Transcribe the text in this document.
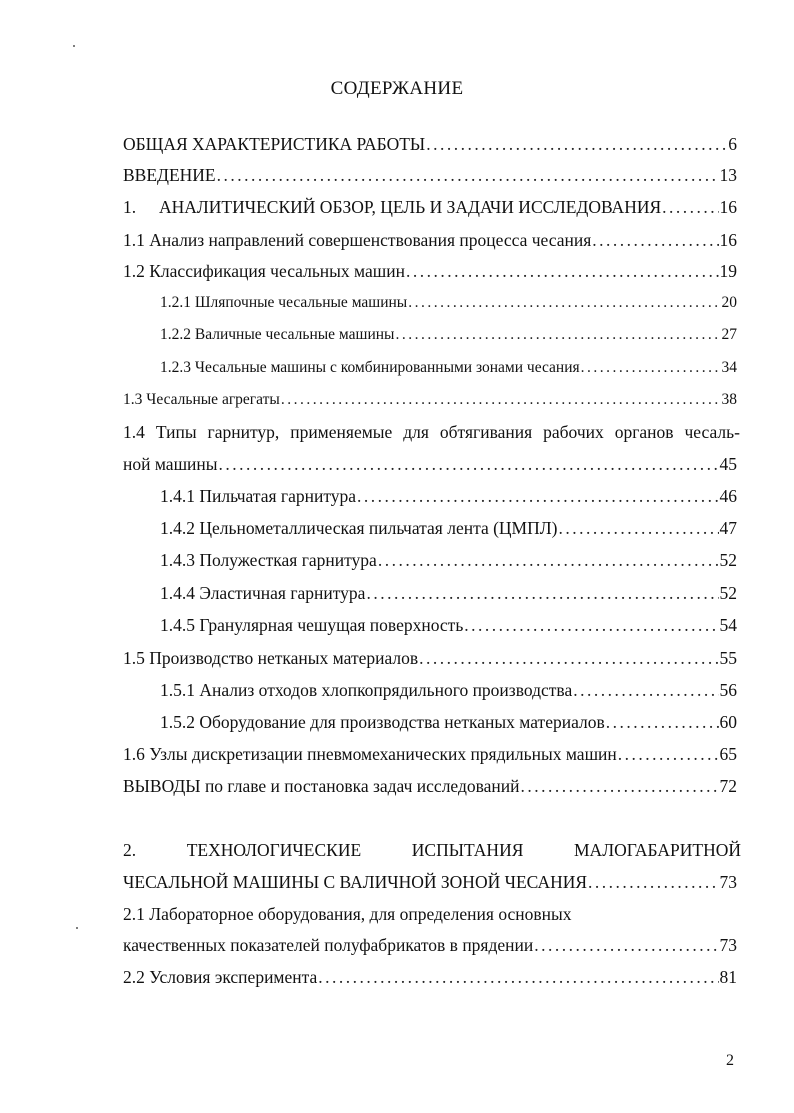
СОДЕРЖАНИЕ
ОБЩАЯ ХАРАКТЕРИСТИКА РАБОТЫ .....	6
ВВЕДЕНИЕ .....	13
1.	АНАЛИТИЧЕСКИЙ ОБЗОР, ЦЕЛЬ И ЗАДАЧИ ИССЛЕДОВАНИЯ .....	16
1.1 Анализ направлений совершенствования процесса чесания .....	16
1.2 Классификация чесальных машин .....	19
1.2.1 Шляпочные чесальные машины .....	20
1.2.2 Валичные чесальные машины .....	27
1.2.3 Чесальные машины с комбинированными зонами чесания .....	34
1.3 Чесальные агрегаты .....	38
1.4 Типы гарнитур, применяемые для обтягивания рабочих органов чесаль-
ной машины .....	45
1.4.1 Пильчатая гарнитура .....	46
1.4.2 Цельнометаллическая пильчатая лента (ЦМПЛ) .....	47
1.4.3 Полужесткая гарнитура .....	52
1.4.4 Эластичная гарнитура .....	52
1.4.5 Гранулярная чешущая поверхность .....	54
1.5 Производство нетканых материалов .....	55
1.5.1 Анализ отходов хлопкопрядильного производства .....	56
1.5.2 Оборудование для производства нетканых материалов .....	60
1.6 Узлы дискретизации пневмомеханических прядильных машин .....	65
ВЫВОДЫ по главе и постановка задач исследований .....	72
2.	ТЕХНОЛОГИЧЕСКИЕ	ИСПЫТАНИЯ	МАЛОГАБАРИТНОЙ
ЧЕСАЛЬНОЙ МАШИНЫ С ВАЛИЧНОЙ ЗОНОЙ ЧЕСАНИЯ .....	73
2.1 Лабораторное оборудования, для определения основных
качественных показателей полуфабрикатов в прядении .....	73
2.2 Условия эксперимента .....	81
2
